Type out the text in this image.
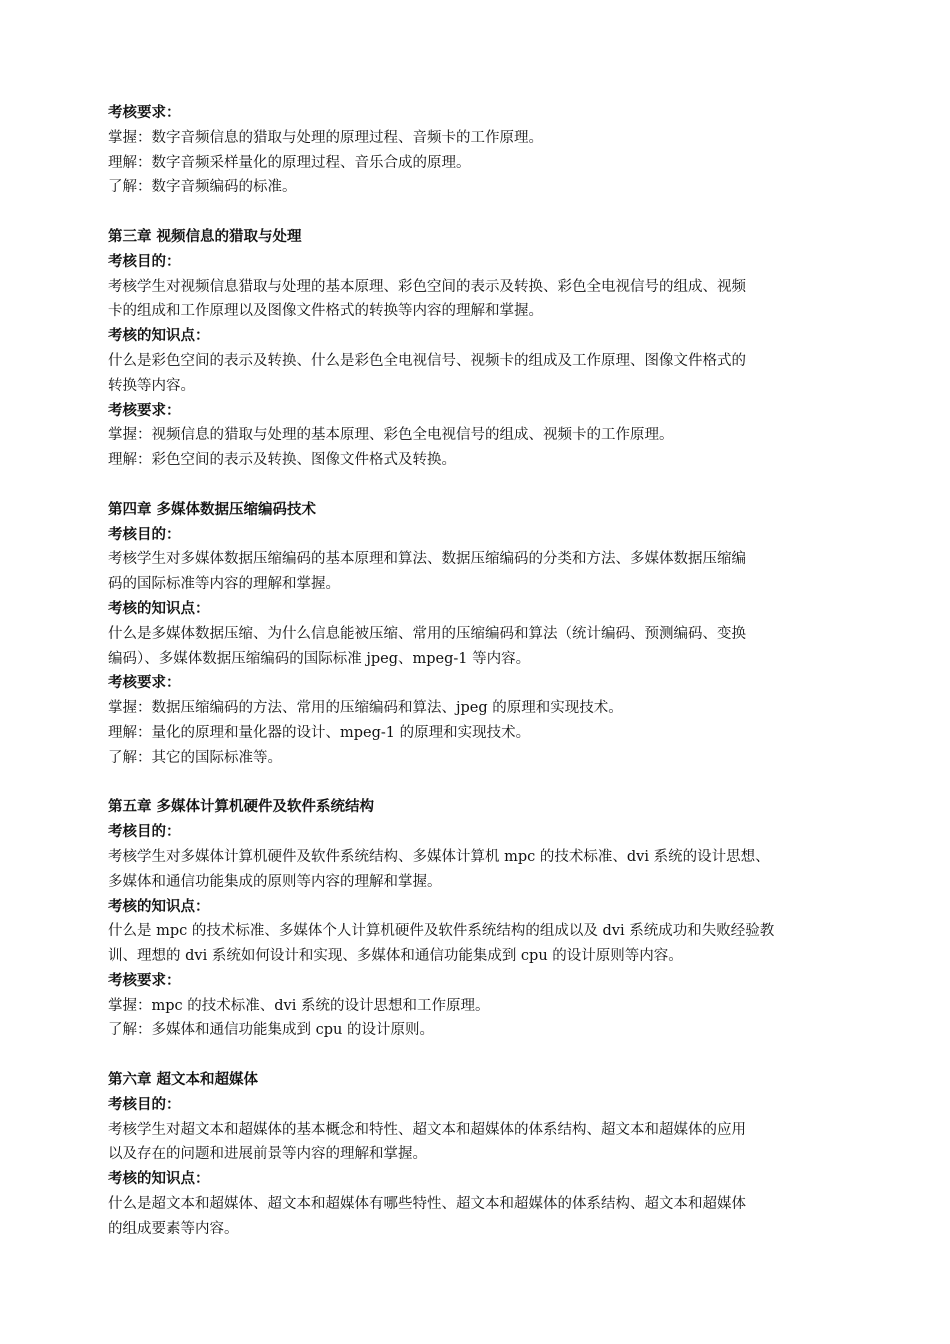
考核要求：

掌握：数字音频信息的猎取与处理的原理过程、音频卡的工作原理。

理解：数字音频采样量化的原理过程、音乐合成的原理。

了解：数字音频编码的标准。

第三章 视频信息的猎取与处理

考核目的：

考核学生对视频信息猎取与处理的基本原理、彩色空间的表示及转换、彩色全电视信号的组成、视频

卡的组成和工作原理以及图像文件格式的转换等内容的理解和掌握。

考核的知识点：

什么是彩色空间的表示及转换、什么是彩色全电视信号、视频卡的组成及工作原理、图像文件格式的

转换等内容。

考核要求：

掌握：视频信息的猎取与处理的基本原理、彩色全电视信号的组成、视频卡的工作原理。

理解：彩色空间的表示及转换、图像文件格式及转换。

第四章 多媒体数据压缩编码技术

考核目的：

考核学生对多媒体数据压缩编码的基本原理和算法、数据压缩编码的分类和方法、多媒体数据压缩编

码的国际标准等内容的理解和掌握。

考核的知识点：

什么是多媒体数据压缩、为什么信息能被压缩、常用的压缩编码和算法（统计编码、预测编码、变换

编码）、多媒体数据压缩编码的国际标准 jpeg、mpeg-1 等内容。

考核要求：

掌握：数据压缩编码的方法、常用的压缩编码和算法、jpeg 的原理和实现技术。

理解：量化的原理和量化器的设计、mpeg-1 的原理和实现技术。

了解：其它的国际标准等。

第五章 多媒体计算机硬件及软件系统结构

考核目的：

考核学生对多媒体计算机硬件及软件系统结构、多媒体计算机 mpc 的技术标准、dvi 系统的设计思想、

多媒体和通信功能集成的原则等内容的理解和掌握。

考核的知识点：

什么是 mpc 的技术标准、多媒体个人计算机硬件及软件系统结构的组成以及 dvi 系统成功和失败经验教

训、理想的 dvi 系统如何设计和实现、多媒体和通信功能集成到 cpu 的设计原则等内容。

考核要求：

掌握：mpc 的技术标准、dvi 系统的设计思想和工作原理。

了解：多媒体和通信功能集成到 cpu 的设计原则。

第六章 超文本和超媒体

考核目的：

考核学生对超文本和超媒体的基本概念和特性、超文本和超媒体的体系结构、超文本和超媒体的应用

以及存在的问题和进展前景等内容的理解和掌握。

考核的知识点：

什么是超文本和超媒体、超文本和超媒体有哪些特性、超文本和超媒体的体系结构、超文本和超媒体

的组成要素等内容。
